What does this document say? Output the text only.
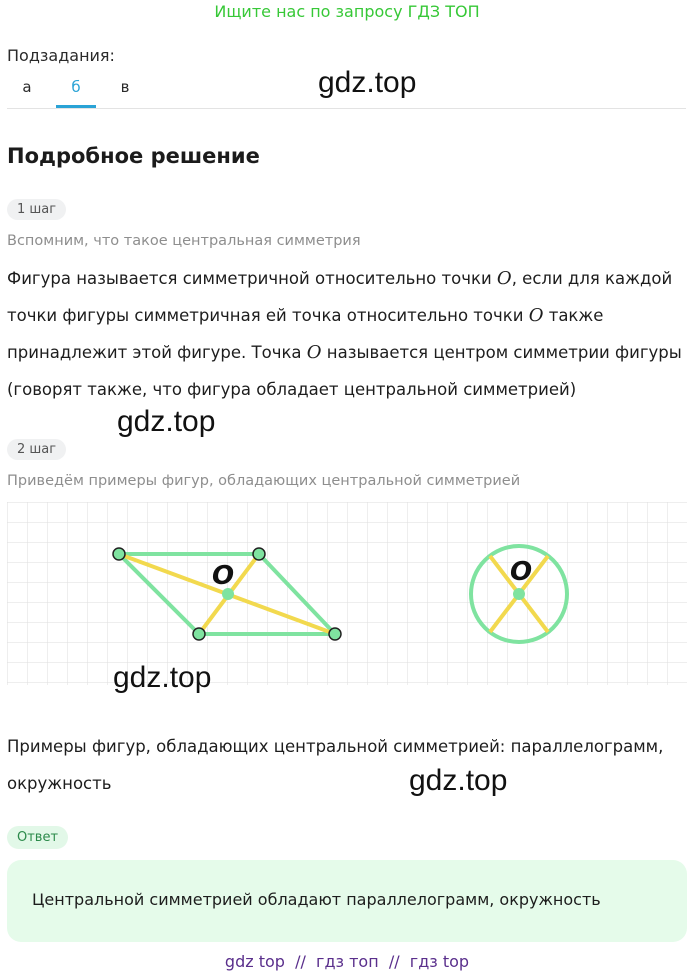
Ищите нас по запросу ГДЗ ТОП
Подзадания:
а	б	в	gdz.top
Подробное решение
1 шаг
Вспомним, что такое центральная симметрия
Фигура называется симметричной относительно точки O, если для каждой
точки фигуры симметричная ей точка относительно точки O также
принадлежит этой фигуре. Точка O называется центром симметрии фигуры
(говорят также, что фигура обладает центральной симметрией)
gdz.top
2 шаг
Приведём примеры фигур, обладающих центральной симметрией
O	O
gdz.top
Примеры фигур, обладающих центральной симметрией: параллелограмм,
окружность	gdz.top
Ответ
Центральной симметрией обладают параллелограмм, окружность
gdz top  //  гдз топ  //  гдз top
